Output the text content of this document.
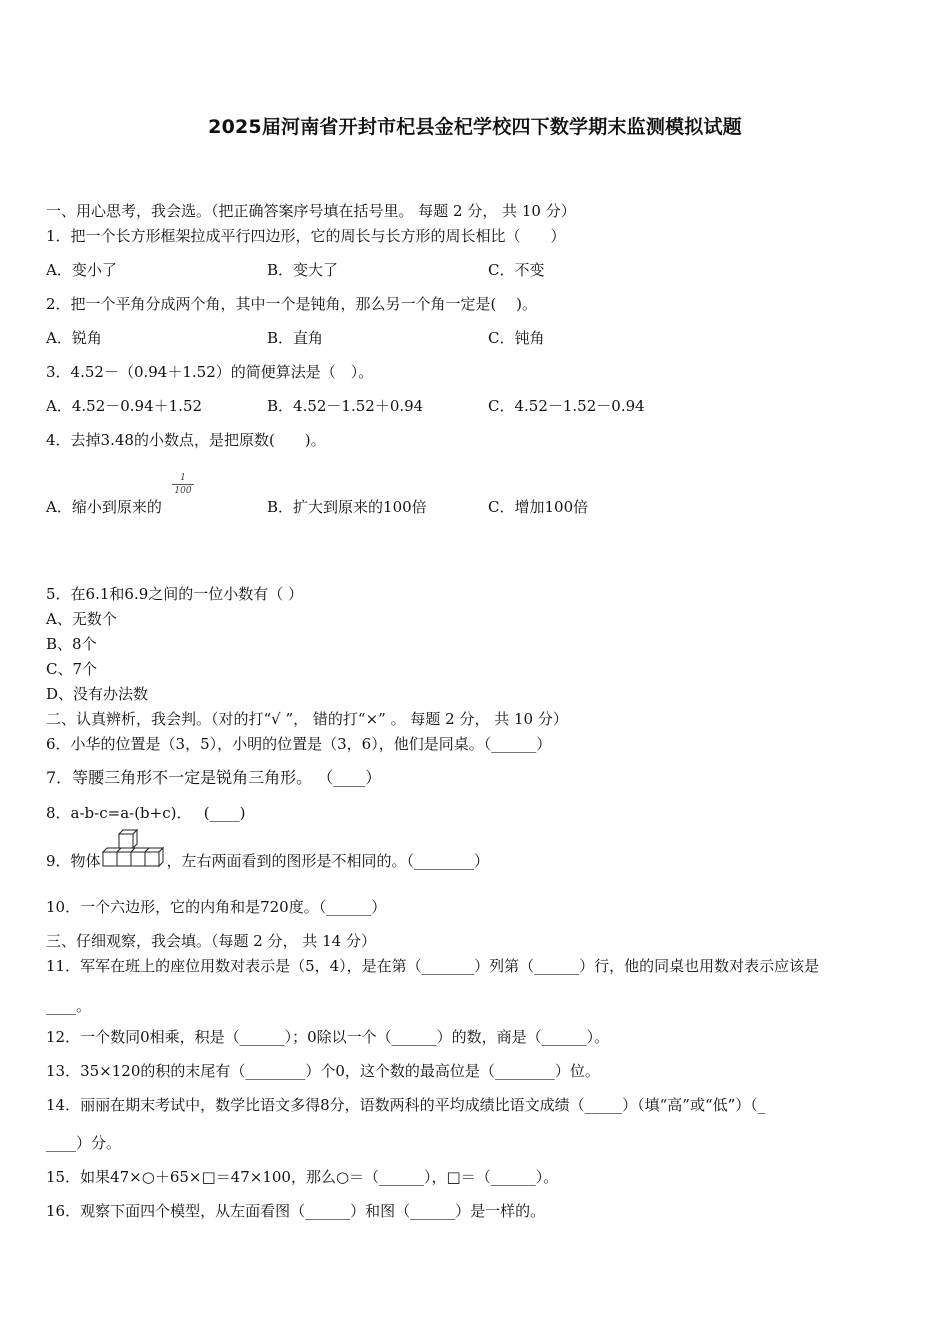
2025届河南省开封市杞县金杞学校四下数学期末监测模拟试题
一、用心思考，我会选。（把正确答案序号填在括号里。 每题 2 分， 共 10 分）
1．把一个长方形框架拉成平行四边形，它的周长与长方形的周长相比（　　）
A．变小了	B．变大了	C．不变
2．把一个平角分成两个角，其中一个是钝角，那么另一个角一定是(　 )。
A．锐角	B．直角	C．钝角
3．4.52－（0.94＋1.52）的简便算法是（　）。
A．4.52－0.94＋1.52	B．4.52－1.52＋0.94	C．4.52－1.52－0.94
4．去掉3.48的小数点，是把原数(　　)。
A．缩小到原来的
1
100
B．扩大到原来的100倍	C．增加100倍
5．在6.1和6.9之间的一位小数有（ ）
A、无数个
B、8个
C、7个
D、没有办法数
二、认真辨析，我会判。（对的打“√ ”， 错的打“×” 。 每题 2 分， 共 10 分）
6．小华的位置是（3，5），小明的位置是（3，6），他们是同桌。（______）
7．等腰三角形不一定是锐角三角形。 （____）
8．a-b-c=a-(b+c)．　 (____)
9．物体	，左右两面看到的图形是不相同的。（________）
10．一个六边形，它的内角和是720度。（______）
三、仔细观察，我会填。（每题 2 分， 共 14 分）
11．军军在班上的座位用数对表示是（5，4），是在第（_______）列第（______）行，他的同桌也用数对表示应该是
____。
12．一个数同0相乘，积是（______）；0除以一个（______）的数，商是（______）。
13．35×120的积的末尾有（________）个0，这个数的最高位是（________）位。
14．丽丽在期末考试中，数学比语文多得8分，语数两科的平均成绩比语文成绩（_____）（填“高”或“低”）（_
____）分。
15．如果47×○＋65×□＝47×100，那么○＝（______），□＝（______）。
16．观察下面四个模型，从左面看图（______）和图（______）是一样的。
